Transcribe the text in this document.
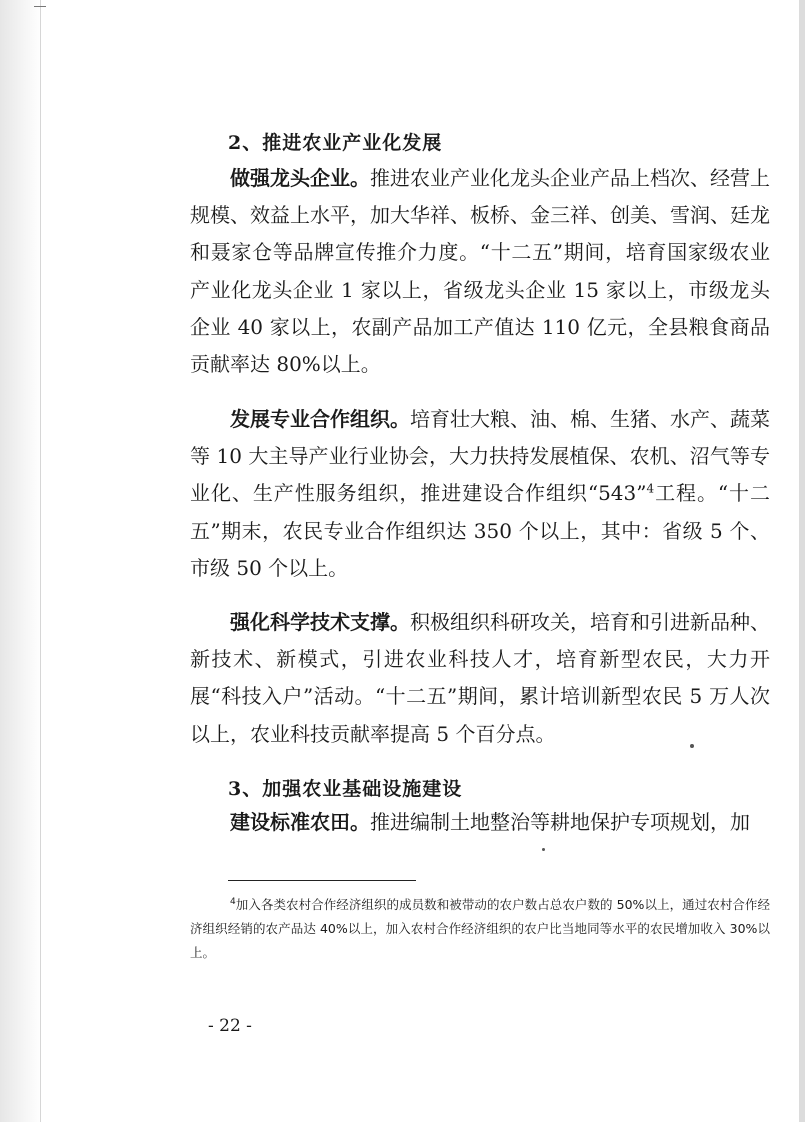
2、推进农业产业化发展

做强龙头企业。推进农业产业化龙头企业产品上档次、经营上规模、效益上水平，加大华祥、板桥、金三祥、创美、雪润、廷龙和聂家仓等品牌宣传推介力度。“十二五”期间，培育国家级农业产业化龙头企业 1 家以上，省级龙头企业 15 家以上，市级龙头企业 40 家以上，农副产品加工产值达 110 亿元，全县粮食商品贡献率达 80%以上。

发展专业合作组织。培育壮大粮、油、棉、生猪、水产、蔬菜等 10 大主导产业行业协会，大力扶持发展植保、农机、沼气等专业化、生产性服务组织，推进建设合作组织“543”$^4$工程。“十二五”期末，农民专业合作组织达 350 个以上，其中：省级 5 个、市级 50 个以上。

强化科学技术支撑。积极组织科研攻关，培育和引进新品种、新技术、新模式，引进农业科技人才，培育新型农民，大力开展“科技入户”活动。“十二五”期间，累计培训新型农民 5 万人次以上，农业科技贡献率提高 5 个百分点。

3、加强农业基础设施建设

建设标准农田。推进编制土地整治等耕地保护专项规划，加

$^4$加入各类农村合作经济组织的成员数和被带动的农户数占总农户数的 50%以上，通过农村合作经济组织经销的农产品达 40%以上，加入农村合作经济组织的农户比当地同等水平的农民增加收入 30%以上。

- 22 -
